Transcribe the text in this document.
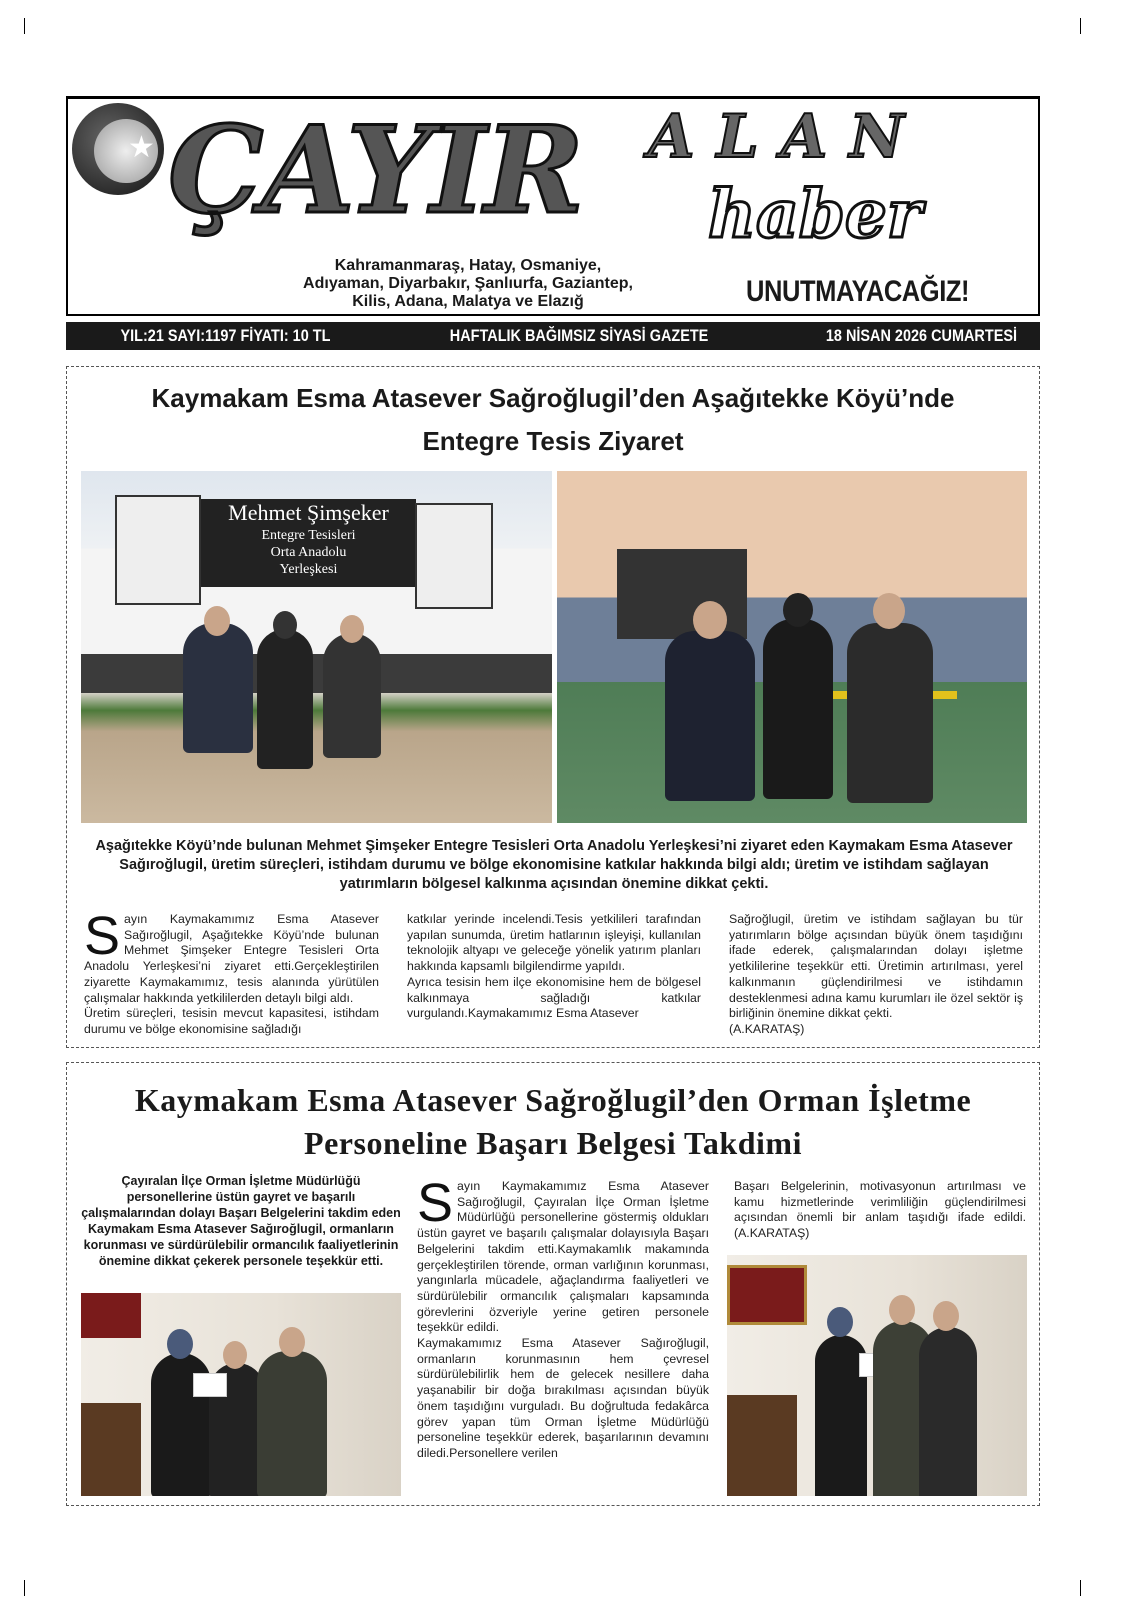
★ ÇAYIR ALAN
haber
Kahramanmaraş, Hatay, Osmaniye,
Adıyaman, Diyarbakır, Şanlıurfa, Gaziantep,
Kilis, Adana, Malatya ve Elazığ	UNUTMAYACAĞIZ!
YIL:21 SAYI:1197 FİYATI: 10 TL	HAFTALIK BAĞIMSIZ SİYASİ GAZETE	18 NİSAN 2026 CUMARTESİ
Kaymakam Esma Atasever Sağroğlugil’den Aşağıtekke Köyü’nde
Entegre Tesis Ziyaret
Mehmet Şimşeker
Entegre Tesisleri
Orta Anadolu
Yerleşkesi
Aşağıtekke Köyü’nde bulunan Mehmet Şimşeker Entegre Tesisleri Orta Anadolu Yerleşkesi’ni ziyaret eden Kaymakam Esma Atasever Sağıroğlugil, üretim süreçleri, istihdam durumu ve bölge ekonomisine katkılar hakkında bilgi aldı; üretim ve istihdam sağlayan yatırımların bölgesel kalkınma açısından önemine dikkat çekti.
S ayın Kaymakamımız Esma Atasever Sağıroğlugil, Aşağıtekke Köyü’nde bulunan Mehmet Şimşeker Entegre Tesisleri Orta Anadolu Yerleşkesi’ni ziyaret etti.Gerçekleştirilen ziyarette Kaymakamımız, tesis alanında yürütülen çalışmalar hakkında yetkililerden detaylı bilgi aldı.
Üretim süreçleri, tesisin mevcut kapasitesi, istihdam durumu ve bölge ekonomisine sağladığı
katkılar yerinde incelendi.Tesis yetkilileri tarafından yapılan sunumda, üretim hatlarının işleyişi, kullanılan teknolojik altyapı ve geleceğe yönelik yatırım planları hakkında kapsamlı bilgilendirme yapıldı.
Ayrıca tesisin hem ilçe ekonomisine hem de bölgesel kalkınmaya sağladığı katkılar vurgulandı.Kaymakamımız Esma Atasever
Sağroğlugil, üretim ve istihdam sağlayan bu tür yatırımların bölge açısından büyük önem taşıdığını ifade ederek, çalışmalarından dolayı işletme yetkililerine teşekkür etti. Üretimin artırılması, yerel kalkınmanın güçlendirilmesi ve istihdamın desteklenmesi adına kamu kurumları ile özel sektör iş birliğinin önemine dikkat çekti.
(A.KARATAŞ)
Kaymakam Esma Atasever Sağroğlugil’den Orman İşletme
Personeline Başarı Belgesi Takdimi
Çayıralan İlçe Orman İşletme Müdürlüğü personellerine üstün gayret ve başarılı çalışmalarından dolayı Başarı Belgelerini takdim eden Kaymakam Esma Atasever Sağıroğlugil, ormanların korunması ve sürdürülebilir ormancılık faaliyetlerinin önemine dikkat çekerek personele teşekkür etti.
S ayın Kaymakamımız Esma Atasever Sağıroğlugil, Çayıralan İlçe Orman İşletme Müdürlüğü personellerine göstermiş oldukları üstün gayret ve başarılı çalışmalar dolayısıyla Başarı Belgelerini takdim etti.Kaymakamlık makamında gerçekleştirilen törende, orman varlığının korunması, yangınlarla mücadele, ağaçlandırma faaliyetleri ve sürdürülebilir ormancılık çalışmaları kapsamında görevlerini özveriyle yerine getiren personele teşekkür edildi.
Kaymakamımız Esma Atasever Sağıroğlugil, ormanların korunmasının hem çevresel sürdürülebilirlik hem de gelecek nesillere daha yaşanabilir bir doğa bırakılması açısından büyük önem taşıdığını vurguladı. Bu doğrultuda fedakârca görev yapan tüm Orman İşletme Müdürlüğü personeline teşekkür ederek, başarılarının devamını diledi.Personellere verilen
Başarı Belgelerinin, motivasyonun artırılması ve kamu hizmetlerinde verimliliğin güçlendirilmesi açısından önemli bir anlam taşıdığı ifade edildi.(A.KARATAŞ)
